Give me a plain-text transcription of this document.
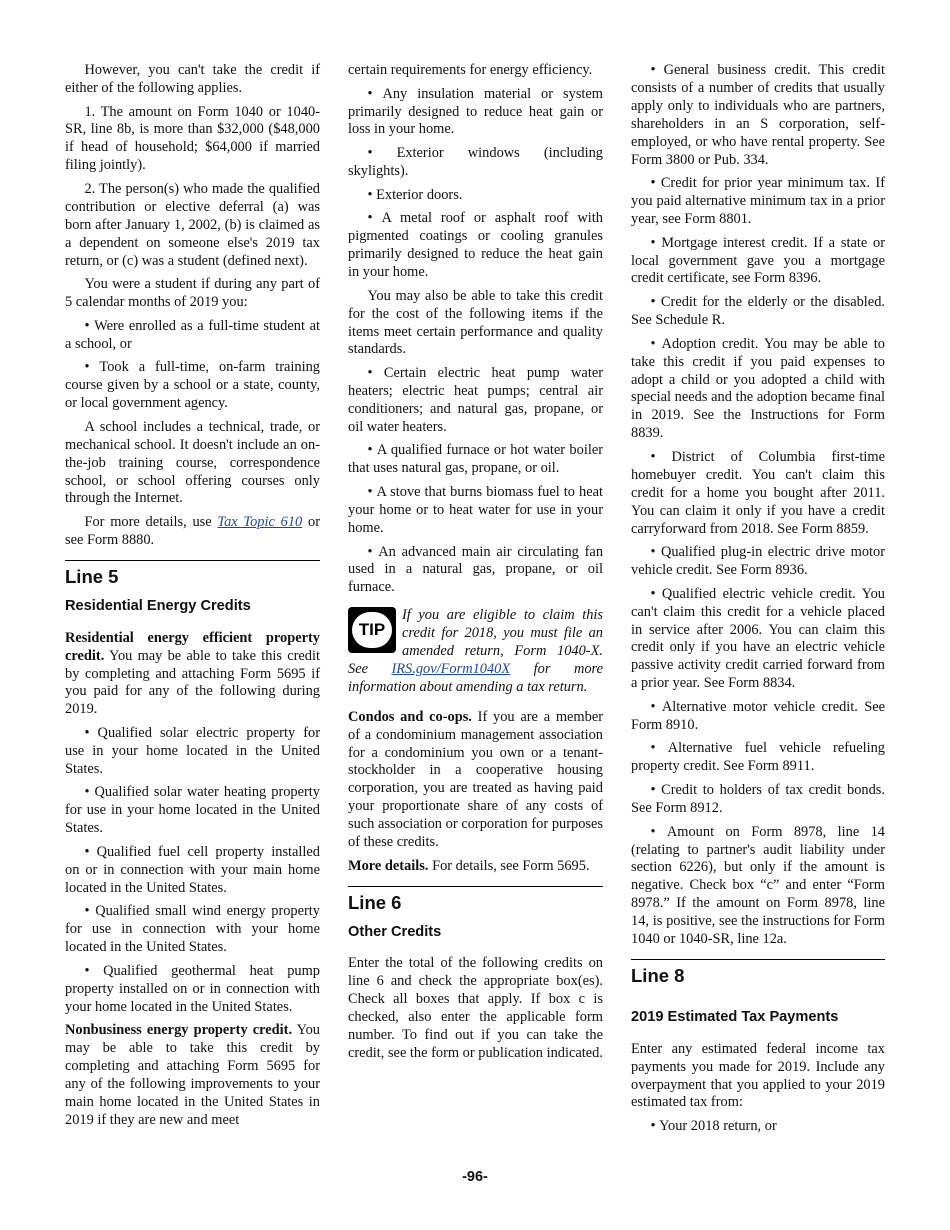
However, you can't take the credit if either of the following applies.

1. The amount on Form 1040 or 1040-SR, line 8b, is more than $32,000 ($48,000 if head of household; $64,000 if married filing jointly).

2. The person(s) who made the qualified contribution or elective deferral (a) was born after January 1, 2002, (b) is claimed as a dependent on someone else's 2019 tax return, or (c) was a student (defined next).

You were a student if during any part of 5 calendar months of 2019 you:

• Were enrolled as a full-time student at a school, or

• Took a full-time, on-farm training course given by a school or a state, county, or local government agency.

A school includes a technical, trade, or mechanical school. It doesn't include an on-the-job training course, correspondence school, or school offering courses only through the Internet.

For more details, use Tax Topic 610 or see Form 8880.

Line 5
Residential Energy Credits

Residential energy efficient property credit. You may be able to take this credit by completing and attaching Form 5695 if you paid for any of the following during 2019.

• Qualified solar electric property for use in your home located in the United States.

• Qualified solar water heating property for use in your home located in the United States.

• Qualified fuel cell property installed on or in connection with your main home located in the United States.

• Qualified small wind energy property for use in connection with your home located in the United States.

• Qualified geothermal heat pump property installed on or in connection with your home located in the United States.

Nonbusiness energy property credit. You may be able to take this credit by completing and attaching Form 5695 for any of the following improvements to your main home located in the United States in 2019 if they are new and meet

certain requirements for energy efficiency.

• Any insulation material or system primarily designed to reduce heat gain or loss in your home.

• Exterior windows (including skylights).

• Exterior doors.

• A metal roof or asphalt roof with pigmented coatings or cooling granules primarily designed to reduce the heat gain in your home.

You may also be able to take this credit for the cost of the following items if the items meet certain performance and quality standards.

• Certain electric heat pump water heaters; electric heat pumps; central air conditioners; and natural gas, propane, or oil water heaters.

• A qualified furnace or hot water boiler that uses natural gas, propane, or oil.

• A stove that burns biomass fuel to heat your home or to heat water for use in your home.

• An advanced main air circulating fan used in a natural gas, propane, or oil furnace.

TIP
If you are eligible to claim this credit for 2018, you must file an amended return, Form 1040-X. See IRS.gov/Form1040X for more information about amending a tax return.

Condos and co-ops. If you are a member of a condominium management association for a condominium you own or a tenant-stockholder in a cooperative housing corporation, you are treated as having paid your proportionate share of any costs of such association or corporation for purposes of these credits.

More details. For details, see Form 5695.

Line 6
Other Credits

Enter the total of the following credits on line 6 and check the appropriate box(es). Check all boxes that apply. If box c is checked, also enter the applicable form number. To find out if you can take the credit, see the form or publication indicated.

• General business credit. This credit consists of a number of credits that usually apply only to individuals who are partners, shareholders in an S corporation, self-employed, or who have rental property. See Form 3800 or Pub. 334.

• Credit for prior year minimum tax. If you paid alternative minimum tax in a prior year, see Form 8801.

• Mortgage interest credit. If a state or local government gave you a mortgage credit certificate, see Form 8396.

• Credit for the elderly or the disabled. See Schedule R.

• Adoption credit. You may be able to take this credit if you paid expenses to adopt a child or you adopted a child with special needs and the adoption became final in 2019. See the Instructions for Form 8839.

• District of Columbia first-time homebuyer credit. You can't claim this credit for a home you bought after 2011. You can claim it only if you have a credit carryforward from 2018. See Form 8859.

• Qualified plug-in electric drive motor vehicle credit. See Form 8936.

• Qualified electric vehicle credit. You can't claim this credit for a vehicle placed in service after 2006. You can claim this credit only if you have an electric vehicle passive activity credit carried forward from a prior year. See Form 8834.

• Alternative motor vehicle credit. See Form 8910.

• Alternative fuel vehicle refueling property credit. See Form 8911.

• Credit to holders of tax credit bonds. See Form 8912.

• Amount on Form 8978, line 14 (relating to partner's audit liability under section 6226), but only if the amount is negative. Check box “c” and enter “Form 8978.” If the amount on Form 8978, line 14, is positive, see the instructions for Form 1040 or 1040-SR, line 12a.

Line 8
2019 Estimated Tax Payments

Enter any estimated federal income tax payments you made for 2019. Include any overpayment that you applied to your 2019 estimated tax from:

• Your 2018 return, or

-96-
